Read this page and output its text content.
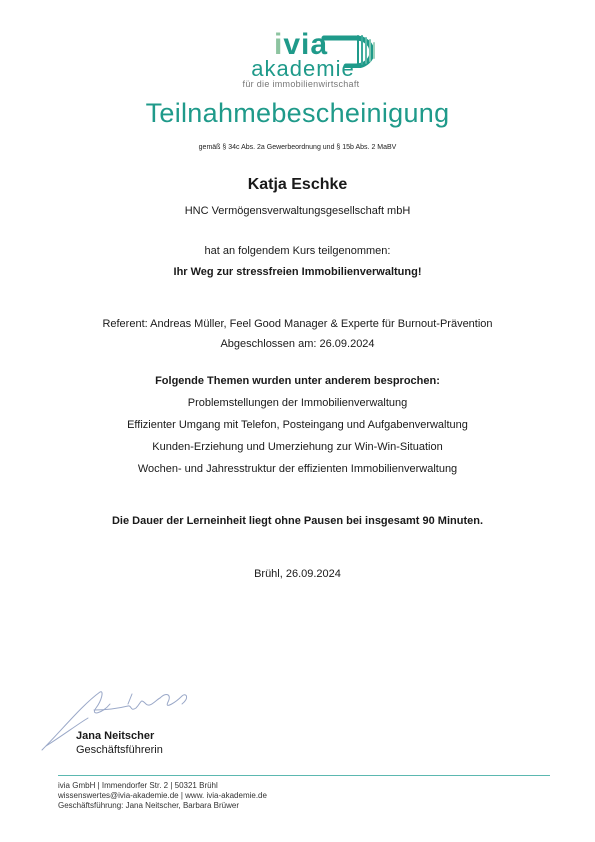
ivia
akademie
für die immobilienwirtschaft
Teilnahmebescheinigung
gemäß § 34c Abs. 2a Gewerbeordnung und § 15b Abs. 2 MaBV
Katja Eschke
HNC Vermögensverwaltungsgesellschaft mbH
hat an folgendem Kurs teilgenommen:
Ihr Weg zur stressfreien Immobilienverwaltung!
Referent: Andreas Müller, Feel Good Manager & Experte für Burnout-Prävention
Abgeschlossen am: 26.09.2024
Folgende Themen wurden unter anderem besprochen:
Problemstellungen der Immobilienverwaltung
Effizienter Umgang mit Telefon, Posteingang und Aufgabenverwaltung
Kunden-Erziehung und Umerziehung zur Win-Win-Situation
Wochen- und Jahresstruktur der effizienten Immobilienverwaltung
Die Dauer der Lerneinheit liegt ohne Pausen bei insgesamt 90 Minuten.
Brühl, 26.09.2024
Jana Neitscher
Geschäftsführerin
ivia GmbH | Immendorfer Str. 2 | 50321 Brühl
wissenswertes@ivia-akademie.de | www. ivia-akademie.de
Geschäftsführung: Jana Neitscher, Barbara Brüwer
